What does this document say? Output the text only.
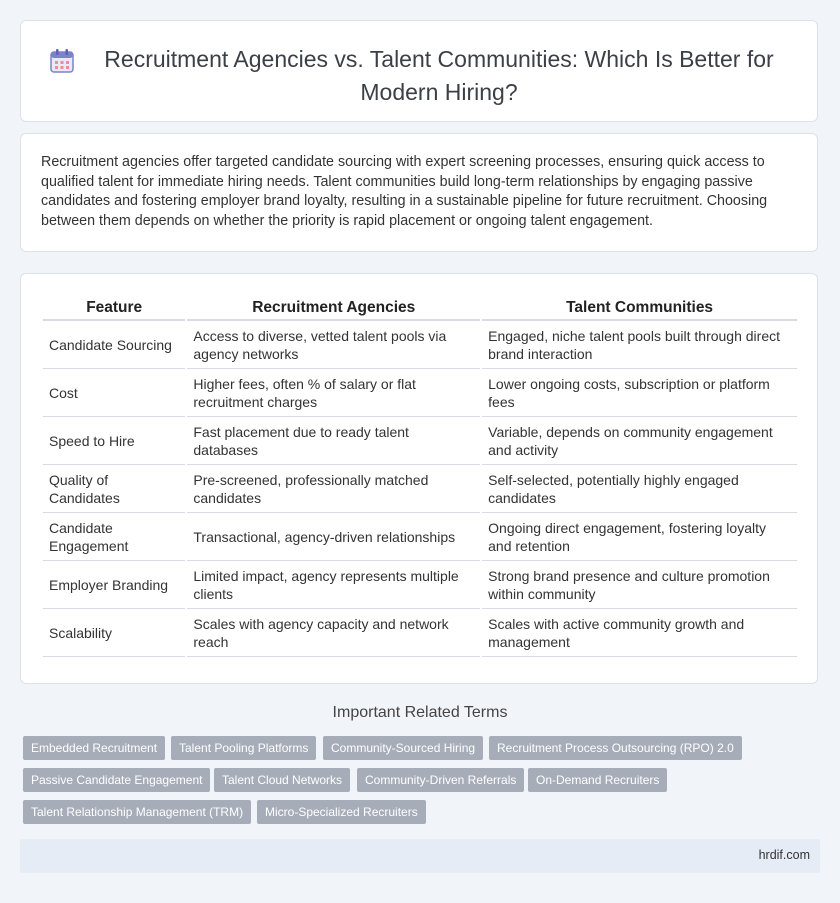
Recruitment Agencies vs. Talent Communities: Which Is Better for Modern Hiring?
Recruitment agencies offer targeted candidate sourcing with expert screening processes, ensuring quick access to qualified talent for immediate hiring needs. Talent communities build long-term relationships by engaging passive candidates and fostering employer brand loyalty, resulting in a sustainable pipeline for future recruitment. Choosing between them depends on whether the priority is rapid placement or ongoing talent engagement.
Feature	Recruitment Agencies	Talent Communities
Candidate Sourcing	Access to diverse, vetted talent pools via agency networks	Engaged, niche talent pools built through direct brand interaction
Cost	Higher fees, often % of salary or flat recruitment charges	Lower ongoing costs, subscription or platform fees
Speed to Hire	Fast placement due to ready talent databases	Variable, depends on community engagement and activity
Quality of Candidates	Pre-screened, professionally matched candidates	Self-selected, potentially highly engaged candidates
Candidate Engagement	Transactional, agency-driven relationships	Ongoing direct engagement, fostering loyalty and retention
Employer Branding	Limited impact, agency represents multiple clients	Strong brand presence and culture promotion within community
Scalability	Scales with agency capacity and network reach	Scales with active community growth and management
Important Related Terms
Embedded Recruitment	Talent Pooling Platforms	Community-Sourced Hiring	Recruitment Process Outsourcing (RPO) 2.0
Passive Candidate Engagement	Talent Cloud Networks	Community-Driven Referrals	On-Demand Recruiters
Talent Relationship Management (TRM)	Micro-Specialized Recruiters
hrdif.com
